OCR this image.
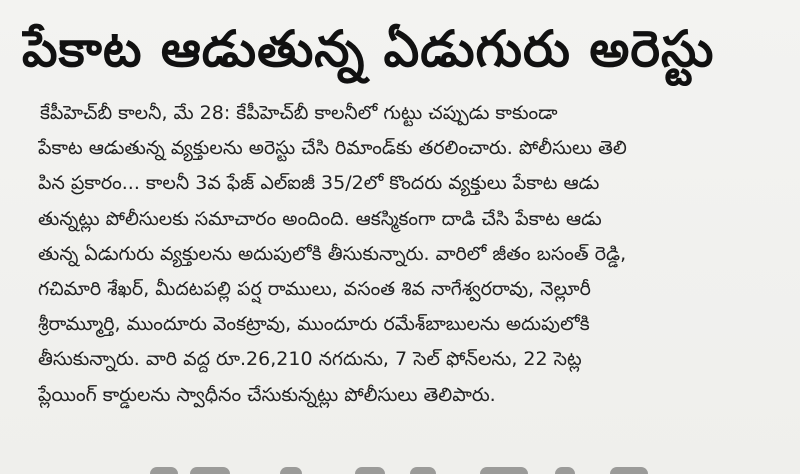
పేకాట ఆడుతున్న ఏడుగురు అరెస్టు
కేపీహెచ్‌బీ కాలనీ, మే 28: కేపీహెచ్‌బీ కాలనీలో గుట్టు చప్పుడు కాకుండా
పేకాట ఆడుతున్న వ్యక్తులను అరెస్టు చేసి రిమాండ్‌కు తరలించారు. పోలీసులు తెలి
పిన ప్రకారం... కాలనీ 3వ ఫేజ్ ఎల్ఐజీ 35/2లో కొందరు వ్యక్తులు పేకాట ఆడు
తున్నట్లు పోలీసులకు సమాచారం అందింది. ఆకస్మికంగా దాడి చేసి పేకాట ఆడు
తున్న ఏడుగురు వ్యక్తులను అదుపులోకి తీసుకున్నారు. వారిలో జీతం బసంత్ రెడ్డి,
గచిమారి శేఖర్, మీదటపల్లి పర్ష రాములు, వసంత శివ నాగేశ్వరరావు, నెల్లూరీ
శ్రీరామ్మూర్తి, ముందూరు వెంకట్రావు, ముందూరు రమేశ్‌బాబులను అదుపులోకి
తీసుకున్నారు. వారి వద్ద రూ.26,210 నగదును, 7 సెల్ ఫోన్‌లను, 22 సెట్ల
ప్లేయింగ్ కార్డులను స్వాధీనం చేసుకున్నట్లు పోలీసులు తెలిపారు.
